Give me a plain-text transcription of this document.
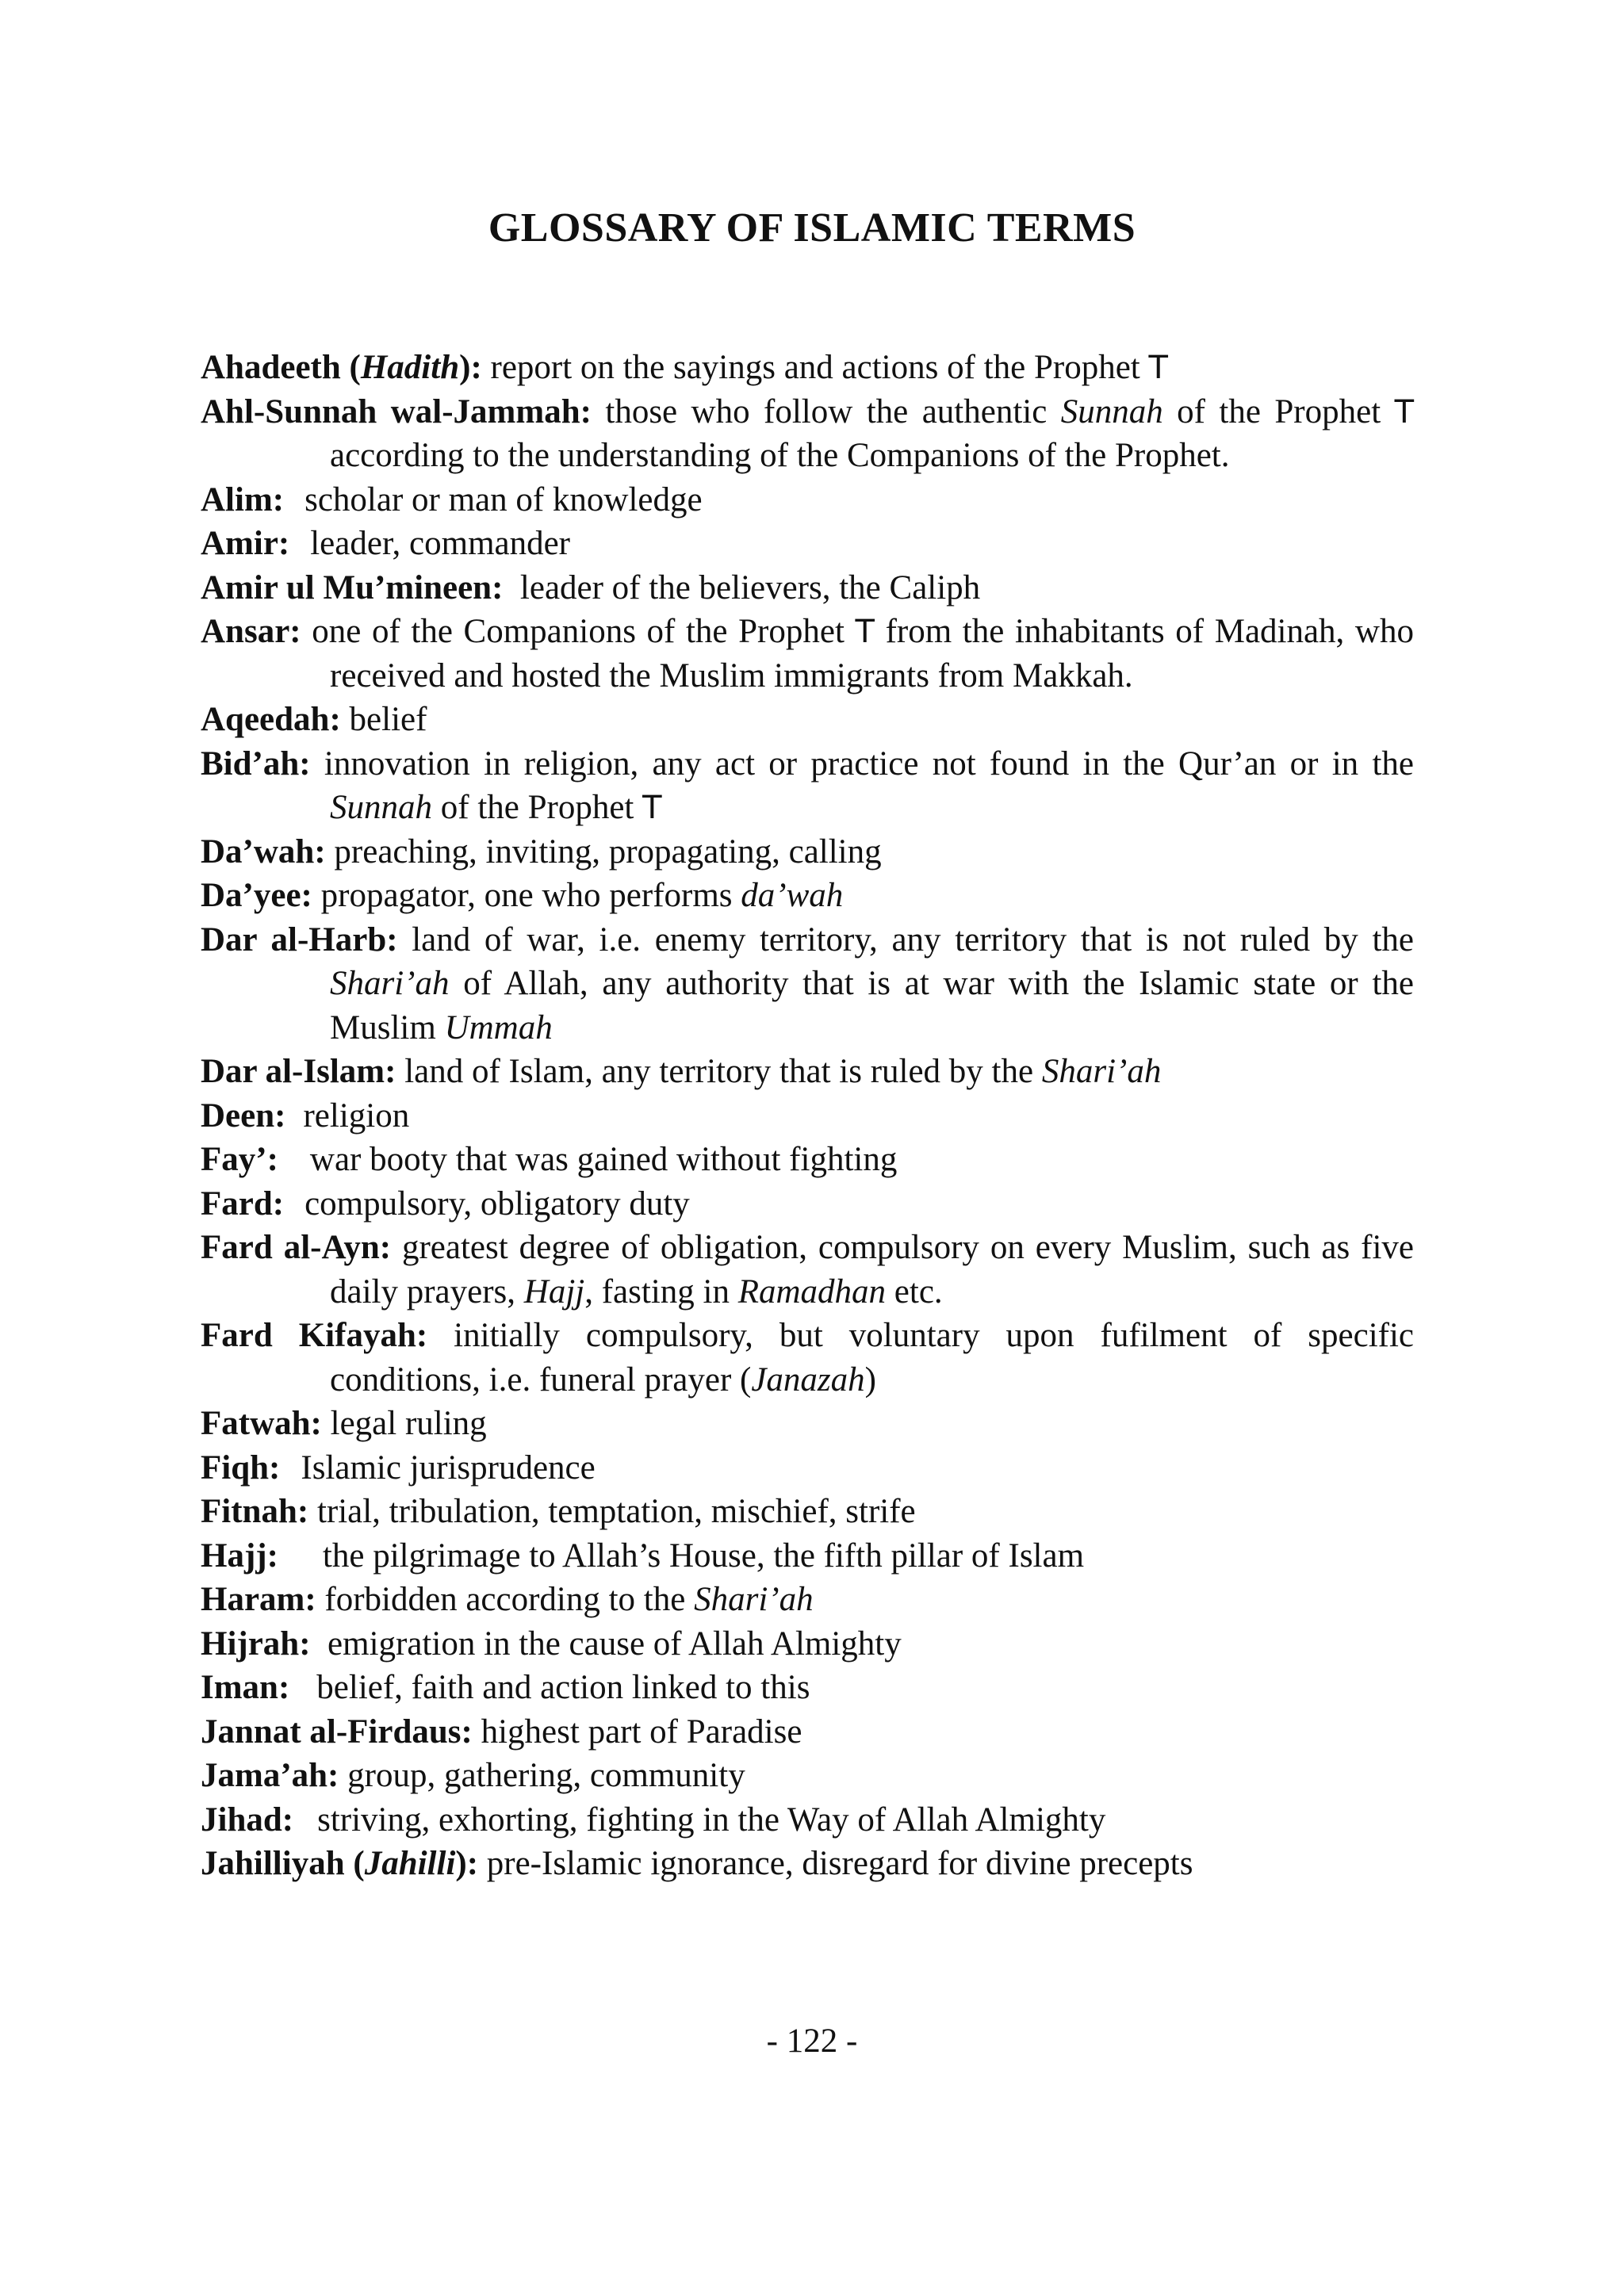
GLOSSARY OF ISLAMIC TERMS
Ahadeeth (Hadith): report on the sayings and actions of the Prophet T
Ahl-Sunnah wal-Jammah: those who follow the authentic Sunnah of the Prophet T according to the understanding of the Companions of the Prophet.
Alim: scholar or man of knowledge
Amir: leader, commander
Amir ul Mu’mineen:  leader of the believers, the Caliph
Ansar: one of the Companions of the Prophet T from the inhabitants of Madinah, who received and hosted the Muslim immigrants from Makkah.
Aqeedah: belief
Bid’ah: innovation in religion, any act or practice not found in the Qur’an or in the Sunnah of the Prophet T
Da’wah: preaching, inviting, propagating, calling
Da’yee: propagator, one who performs da’wah
Dar al-Harb: land of war, i.e. enemy territory, any territory that is not ruled by the Shari’ah of Allah, any authority that is at war with the Islamic state or the Muslim Ummah
Dar al-Islam: land of Islam, any territory that is ruled by the Shari’ah
Deen: religion
Fay’: war booty that was gained without fighting
Fard: compulsory, obligatory duty
Fard al-Ayn: greatest degree of obligation, compulsory on every Muslim, such as five daily prayers, Hajj, fasting in Ramadhan etc.
Fard Kifayah: initially compulsory, but voluntary upon fufilment of specific conditions, i.e. funeral prayer (Janazah)
Fatwah: legal ruling
Fiqh: Islamic jurisprudence
Fitnah: trial, tribulation, temptation, mischief, strife
Hajj: the pilgrimage to Allah’s House, the fifth pillar of Islam
Haram: forbidden according to the Shari’ah
Hijrah:  emigration in the cause of Allah Almighty
Iman: belief, faith and action linked to this
Jannat al-Firdaus: highest part of Paradise
Jama’ah: group, gathering, community
Jihad: striving, exhorting, fighting in the Way of Allah Almighty
Jahilliyah (Jahilli): pre-Islamic ignorance, disregard for divine precepts
- 122 -
